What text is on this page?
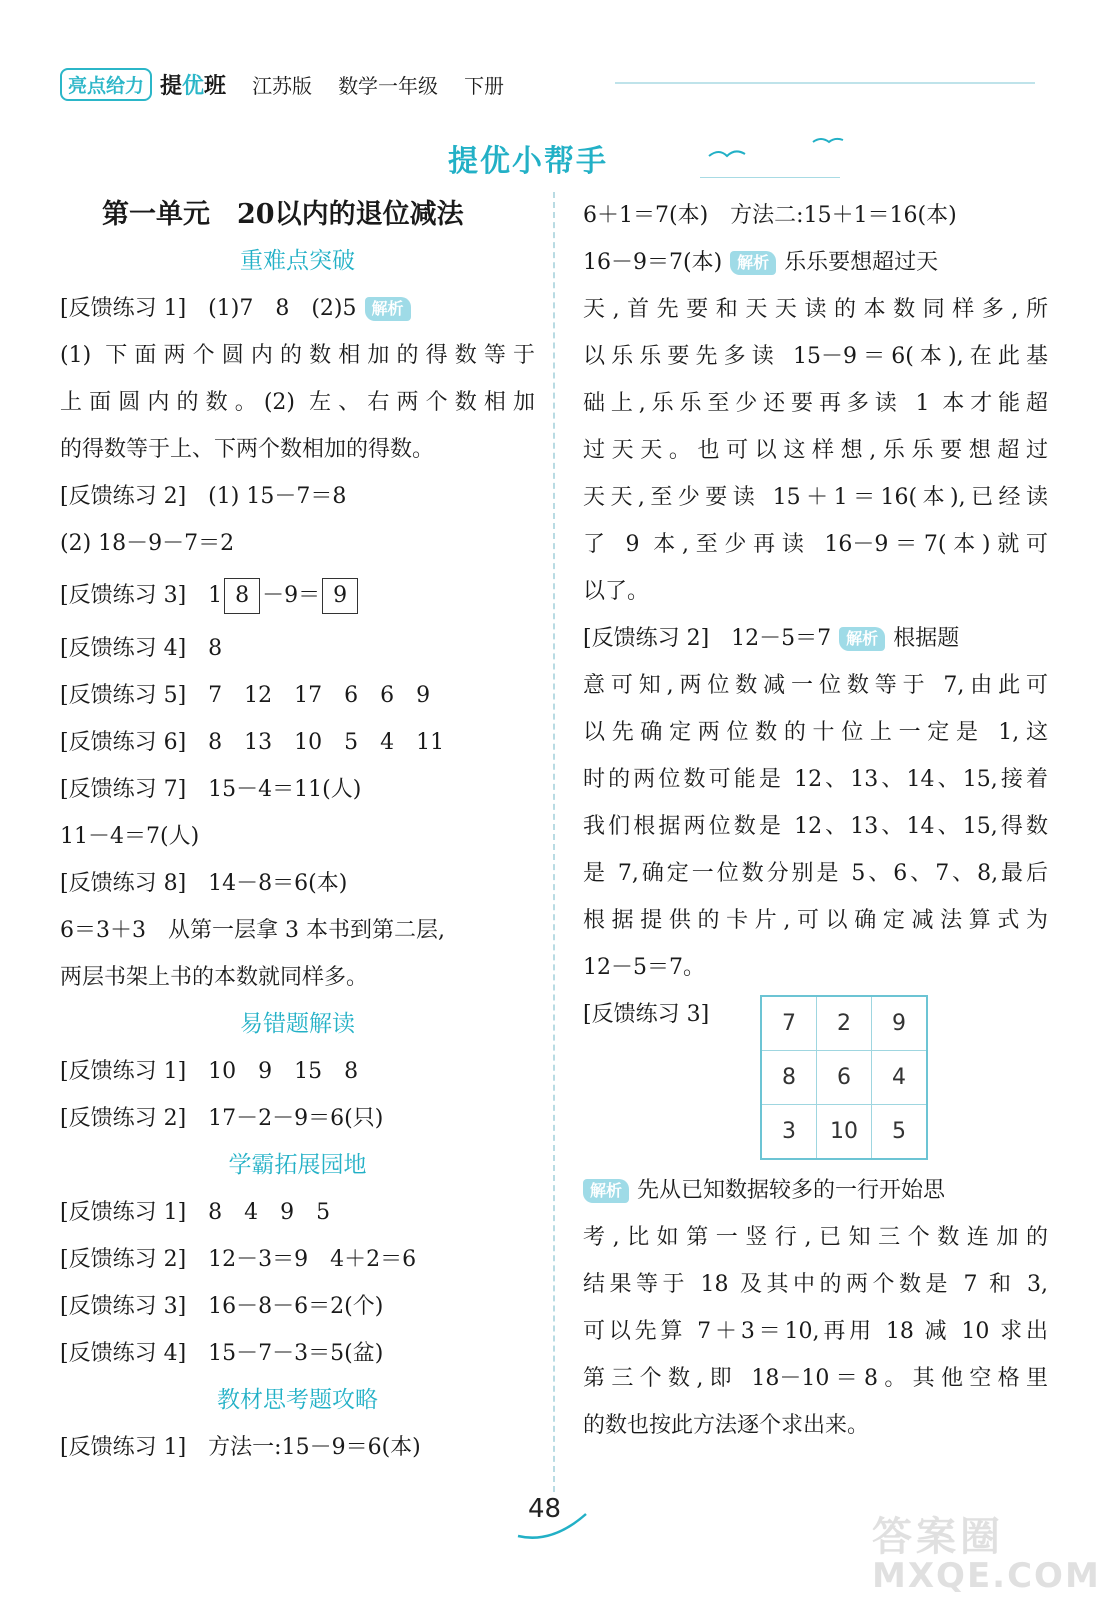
亮点给力 提优班 江苏版 数学一年级 下册
提优小帮手
第一单元　20以内的退位减法
重难点突破
[反馈练习 1] (1)7　8　(2)5 解析
(1) 下面两个圆内的数相加的得数等于
上面圆内的数。(2) 左、右两个数相加
的得数等于上、下两个数相加的得数。
[反馈练习 2] (1) 15－7＝8
(2) 18－9－7＝2
[反馈练习 3] 1 8 －9＝ 9
[反馈练习 4] 8
[反馈练习 5] 7　12　17　6　6　9
[反馈练习 6] 8　13　10　5　4　11
[反馈练习 7] 15－4＝11(人)
11－4＝7(人)
[反馈练习 8] 14－8＝6(本)
6＝3＋3　从第一层拿 3 本书到第二层,
两层书架上书的本数就同样多。
易错题解读
[反馈练习 1] 10　9　15　8
[反馈练习 2] 17－2－9＝6(只)
学霸拓展园地
[反馈练习 1] 8　4　9　5
[反馈练习 2] 12－3＝9　4＋2＝6
[反馈练习 3] 16－8－6＝2(个)
[反馈练习 4] 15－7－3＝5(盆)
教材思考题攻略
[反馈练习 1] 方法一:15－9＝6(本)
6＋1＝7(本)　方法二:15＋1＝16(本)
16－9＝7(本) 解析 乐乐要想超过天
天,首先要和天天读的本数同样多,所
以乐乐要先多读 15－9＝6(本),在此基
础上,乐乐至少还要再多读 1 本才能超
过天天。也可以这样想,乐乐要想超过
天天,至少要读 15＋1＝16(本),已经读
了 9 本,至少再读 16－9＝7(本)就可
以了。
[反馈练习 2] 12－5＝7 解析 根据题
意可知,两位数减一位数等于 7,由此可
以先确定两位数的十位上一定是 1,这
时的两位数可能是 12、13、14、15,接着
我们根据两位数是 12、13、14、15,得数
是 7,确定一位数分别是 5、6、7、8,最后
根据提供的卡片,可以确定减法算式为
12－5＝7。
[反馈练习 3]	7	2	9
8	6	4
3	10	5
解析 先从已知数据较多的一行开始思
考,比如第一竖行,已知三个数连加的
结果等于 18 及其中的两个数是 7 和 3,
可以先算 7＋3＝10,再用 18 减 10 求出
第三个数,即 18－10＝8。其他空格里
的数也按此方法逐个求出来。
48
答案圈
MXQE.COM
